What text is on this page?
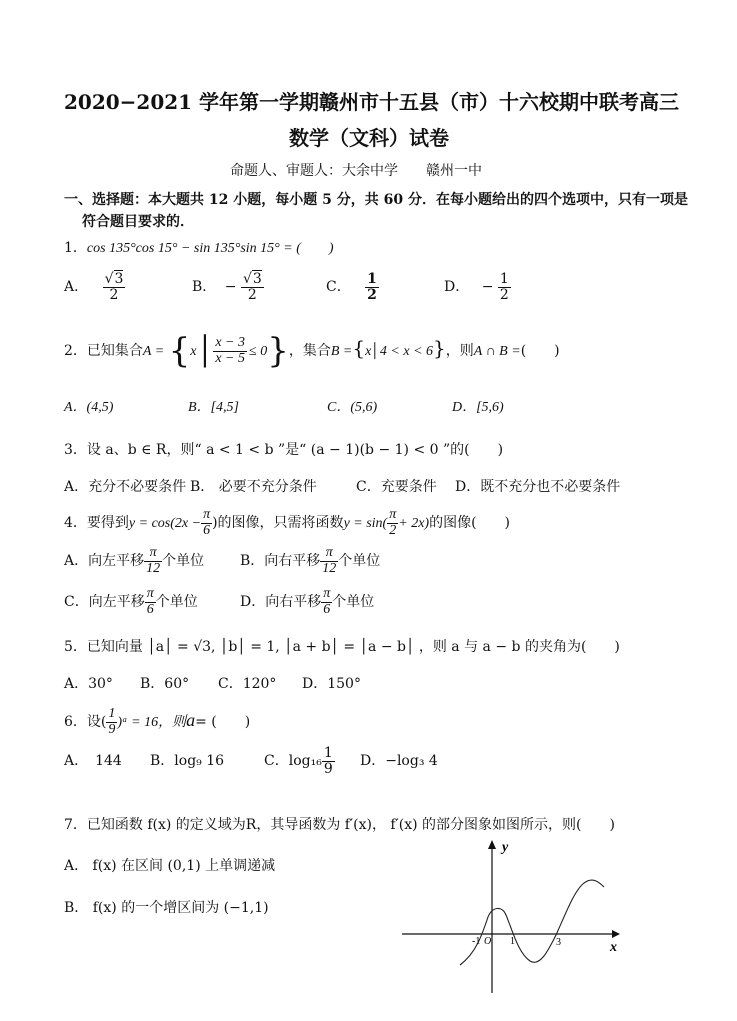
2020−2021 学年第一学期赣州市十五县（市）十六校期中联考高三
数学（文科）试卷
命题人、审题人：大余中学　　赣州一中
一、选择题：本大题共 12 小题，每小题 5 分，共 60 分．在每小题给出的四个选项中，只有一项是
符合题目要求的．
1．cos 135°cos 15° − sin 135°sin 15° = (　　)
A． $\frac{√3}{2}$	B． − $\frac{√3}{2}$	C． $\frac{1}{2}$	D． − $\frac{1}{2}$
2．已知集合A = {x│ $\frac{x - 3}{x - 5} \le 0$}，集合B ={x│4 < x < 6}，则A ∩ B =(　　)
A．(4,5)	B．[4,5]	C．(5,6)	D．[5,6)
3．设 a、b ∈ R，则“ a < 1 < b ”是“ (a − 1)(b − 1) < 0 ”的(　　)
A．充分不必要条件 B． 必要不充分条件	C．充要条件 D．既不充分也不必要条件
4．要得到$y = \cos(2x - \frac{\pi}{6}$ )的图像，只需将函数$y = \sin( \frac{\pi}{2} + 2x)$的图像(　　)
A．向左平移 $\frac{\pi}{12}$ 个单位	B．向右平移 $\frac{\pi}{12}$ 个单位
C．向左平移 $\frac{\pi}{6}$ 个单位	D．向右平移 $\frac{\pi}{6}$ 个单位
5．已知向量 │a│ = √3, │b│ = 1, │a + b│ = │a − b│ ，则 a 与 a − b 的夹角为(　　)
A．30° B．60° C．120° D．150°
6．设( $\frac{1}{9}$ )ᵃ = 16，则a= (　　)
A．　144 B．log₉ 16	C．$\log_{16} \frac{1}{9}$ D．−log₃ 4
7．已知函数 f(x) 的定义域为R，其导函数为 f′(x)， f′(x) 的部分图象如图所示，则(　　)
A． f(x) 在区间 (0,1) 上单调递减
B． f(x) 的一个增区间为 (−1,1)
y
x
-1 O 1	3
